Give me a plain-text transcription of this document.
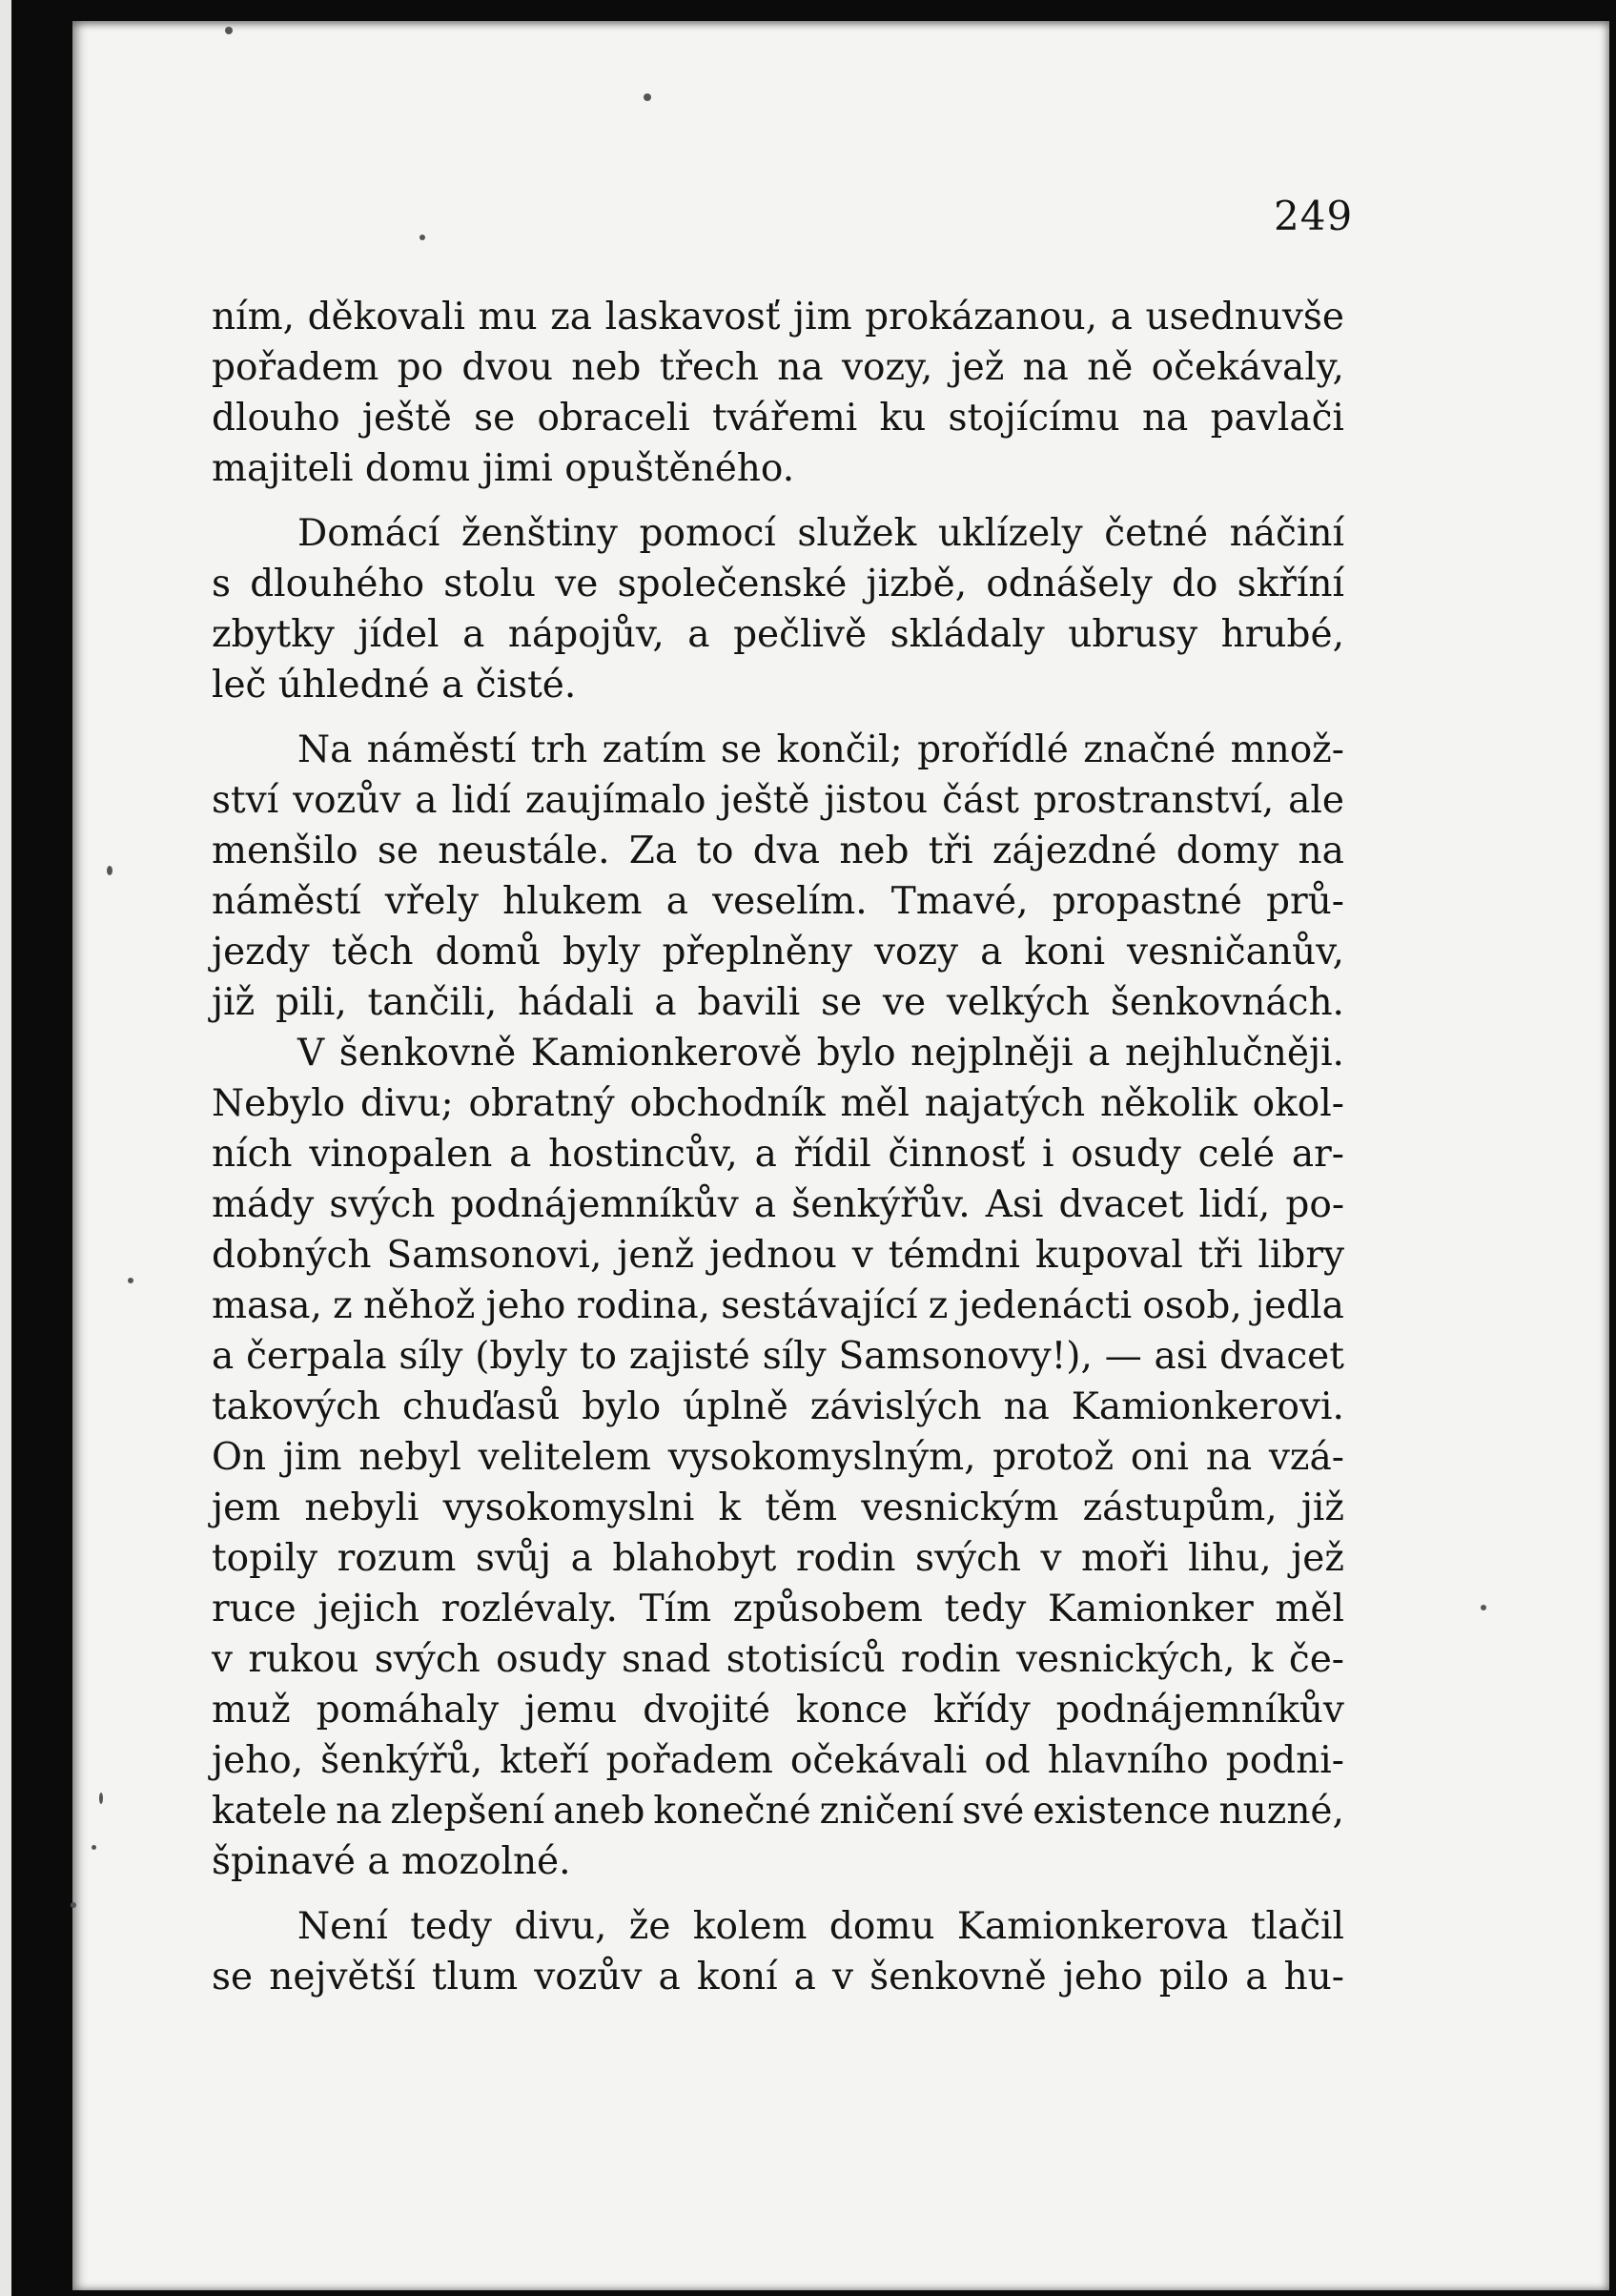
249
ním, děkovali mu za laskavosť jim prokázanou, a usednuvše
pořadem po dvou neb třech na vozy, jež na ně očekávaly,
dlouho ještě se obraceli tvářemi ku stojícímu na pavlači
majiteli domu jimi opuštěného.
Domácí ženštiny pomocí služek uklízely četné náčiní
s dlouhého stolu ve společenské jizbě, odnášely do skříní
zbytky jídel a nápojův, a pečlivě skládaly ubrusy hrubé,
leč úhledné a čisté.
Na náměstí trh zatím se končil; prořídlé značné množ-
ství vozův a lidí zaujímalo ještě jistou část prostranství, ale
menšilo se neustále. Za to dva neb tři zájezdné domy na
náměstí vřely hlukem a veselím. Tmavé, propastné prů-
jezdy těch domů byly přeplněny vozy a koni vesničanův,
již pili, tančili, hádali a bavili se ve velkých šenkovnách.
V šenkovně Kamionkerově bylo nejplněji a nejhlučněji.
Nebylo divu; obratný obchodník měl najatých několik okol-
ních vinopalen a hostincův, a řídil činnosť i osudy celé ar-
mády svých podnájemníkův a šenkýřův. Asi dvacet lidí, po-
dobných Samsonovi, jenž jednou v témdni kupoval tři libry
masa, z něhož jeho rodina, sestávající z jedenácti osob, jedla
a čerpala síly (byly to zajisté síly Samsonovy!), — asi dvacet
takových chuďasů bylo úplně závislých na Kamionkerovi.
On jim nebyl velitelem vysokomyslným, protož oni na vzá-
jem nebyli vysokomyslni k těm vesnickým zástupům, již
topily rozum svůj a blahobyt rodin svých v moři lihu, jež
ruce jejich rozlévaly. Tím způsobem tedy Kamionker měl
v rukou svých osudy snad stotisíců rodin vesnických, k če-
muž pomáhaly jemu dvojité konce křídy podnájemníkův
jeho, šenkýřů, kteří pořadem očekávali od hlavního podni-
katele na zlepšení aneb konečné zničení své existence nuzné,
špinavé a mozolné.
Není tedy divu, že kolem domu Kamionkerova tlačil
se největší tlum vozův a koní a v šenkovně jeho pilo a hu-
